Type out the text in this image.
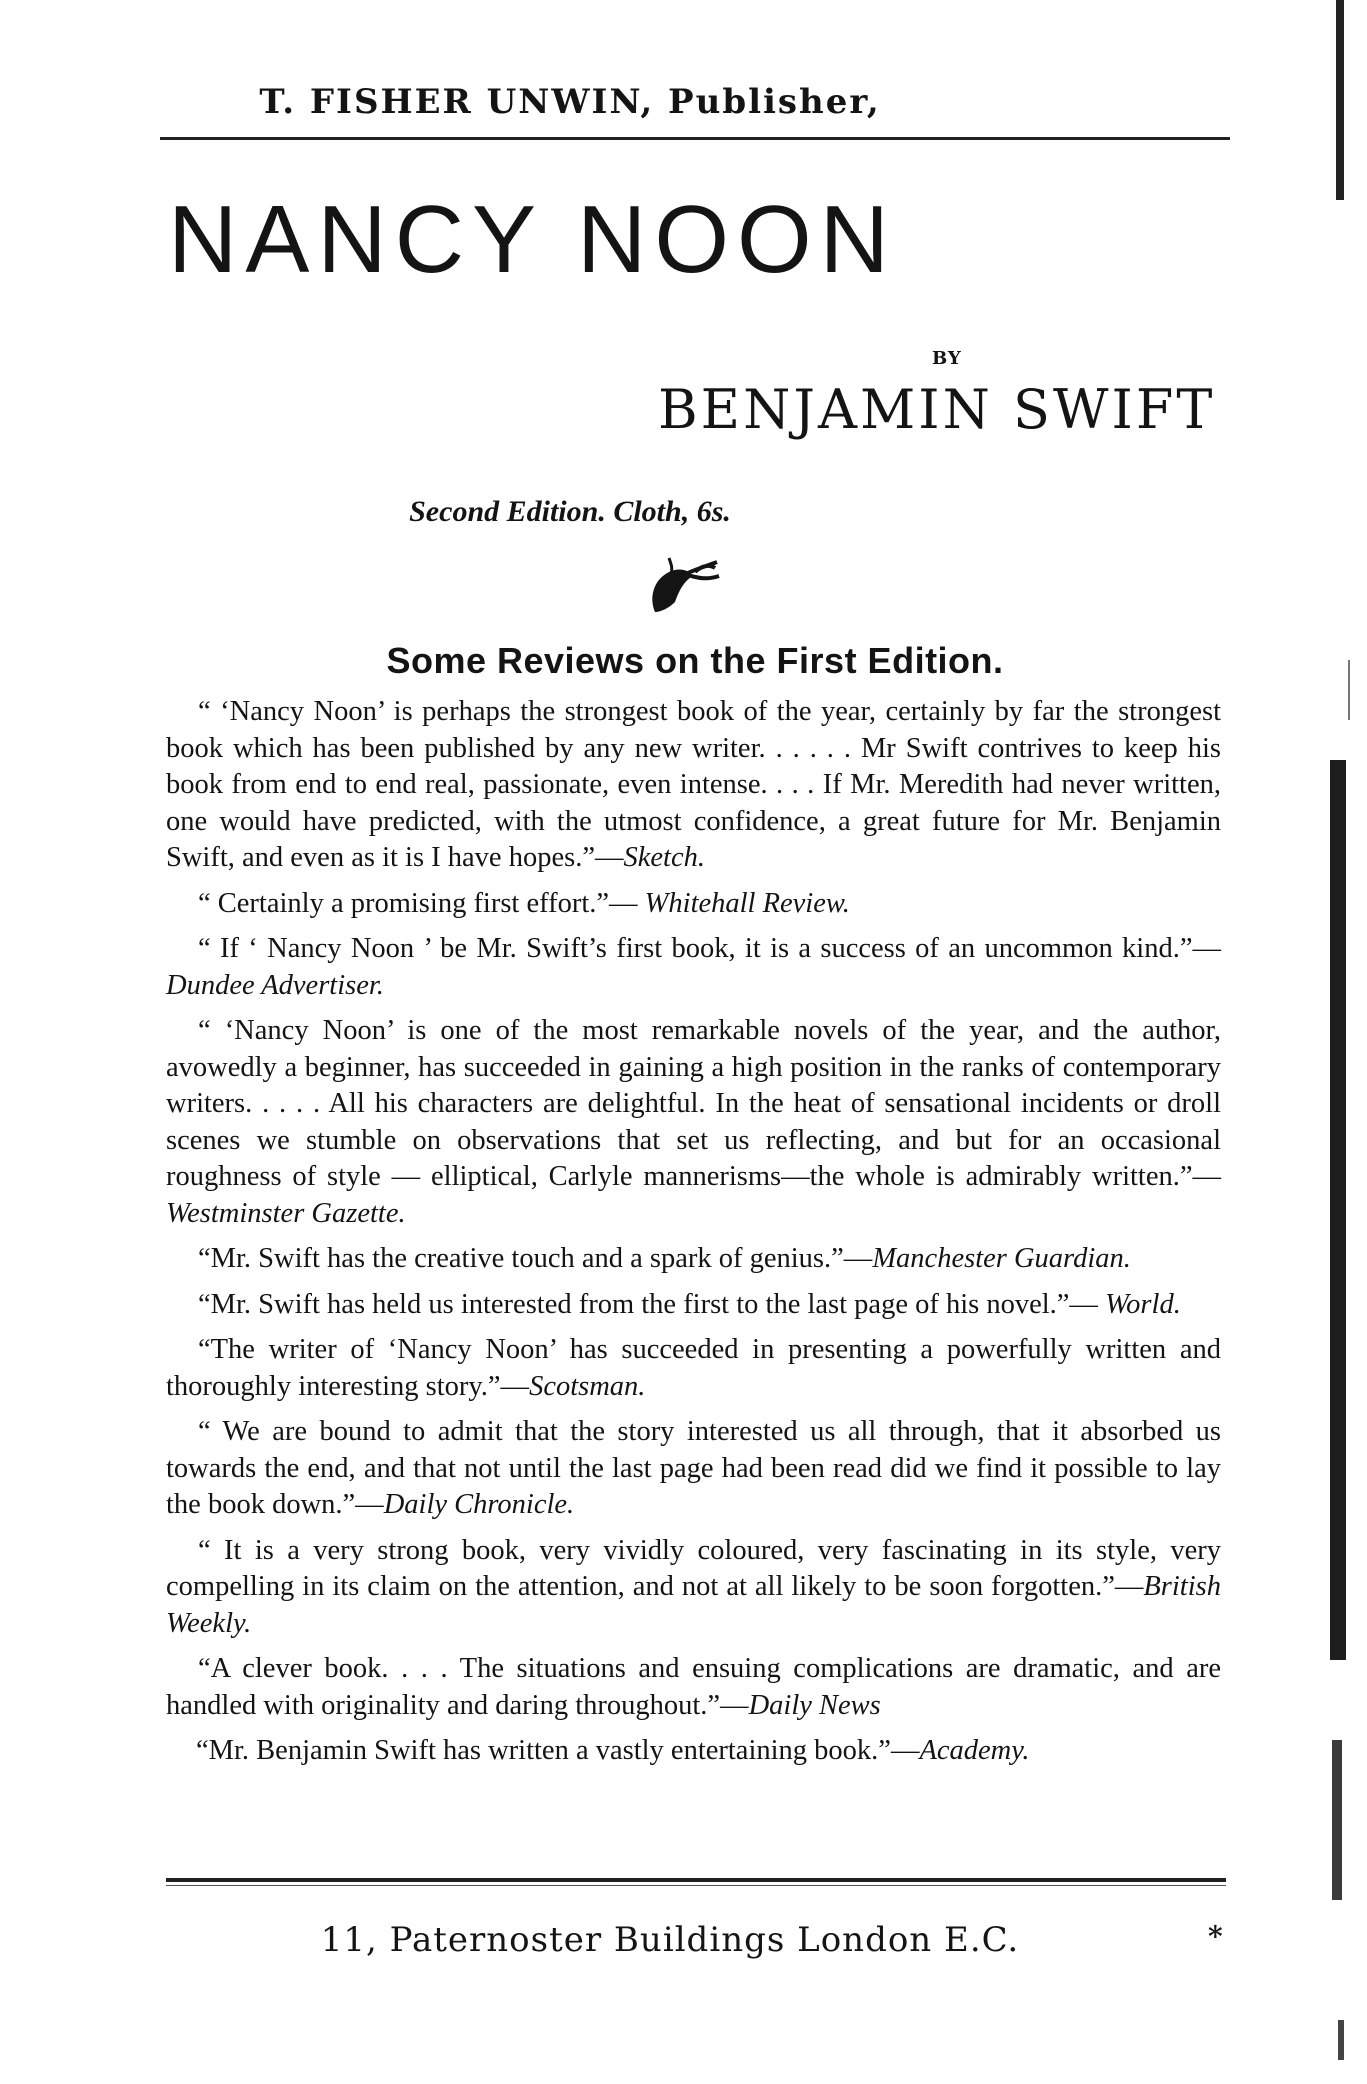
T. FISHER UNWIN, Publisher,
NANCY NOON
BY
BENJAMIN SWIFT
Second Edition. Cloth, 6s.
Some Reviews on the First Edition.

“ ‘Nancy Noon’ is perhaps the strongest book of the year, certainly by far the strongest book which has been published by any new writer. . . . . . Mr Swift contrives to keep his book from end to end real, passionate, even intense. . . . If Mr. Meredith had never written, one would have predicted, with the utmost confidence, a great future for Mr. Benjamin Swift, and even as it is I have hopes.”—Sketch.

“ Certainly a promising first effort.”— Whitehall Review.

“ If ‘ Nancy Noon ’ be Mr. Swift’s first book, it is a success of an uncommon kind.”—Dundee Advertiser.

“ ‘Nancy Noon’ is one of the most remarkable novels of the year, and the author, avowedly a beginner, has succeeded in gaining a high position in the ranks of contemporary writers. . . . . All his characters are delightful. In the heat of sensational incidents or droll scenes we stumble on observations that set us reflecting, and but for an occasional roughness of style — elliptical, Carlyle mannerisms—the whole is admirably written.”— Westminster Gazette.

“Mr. Swift has the creative touch and a spark of genius.”—Manchester Guardian.

“Mr. Swift has held us interested from the first to the last page of his novel.”— World.

“The writer of ‘Nancy Noon’ has succeeded in presenting a powerfully written and thoroughly interesting story.”—Scotsman.

“ We are bound to admit that the story interested us all through, that it absorbed us towards the end, and that not until the last page had been read did we find it possible to lay the book down.”—Daily Chronicle.

“ It is a very strong book, very vividly coloured, very fascinating in its style, very compelling in its claim on the attention, and not at all likely to be soon forgotten.”—British Weekly.

“A clever book. . . . The situations and ensuing complications are dramatic, and are handled with originality and daring throughout.”—Daily News

“Mr. Benjamin Swift has written a vastly entertaining book.”—Academy.

11, Paternoster Buildings London E.C.	*
